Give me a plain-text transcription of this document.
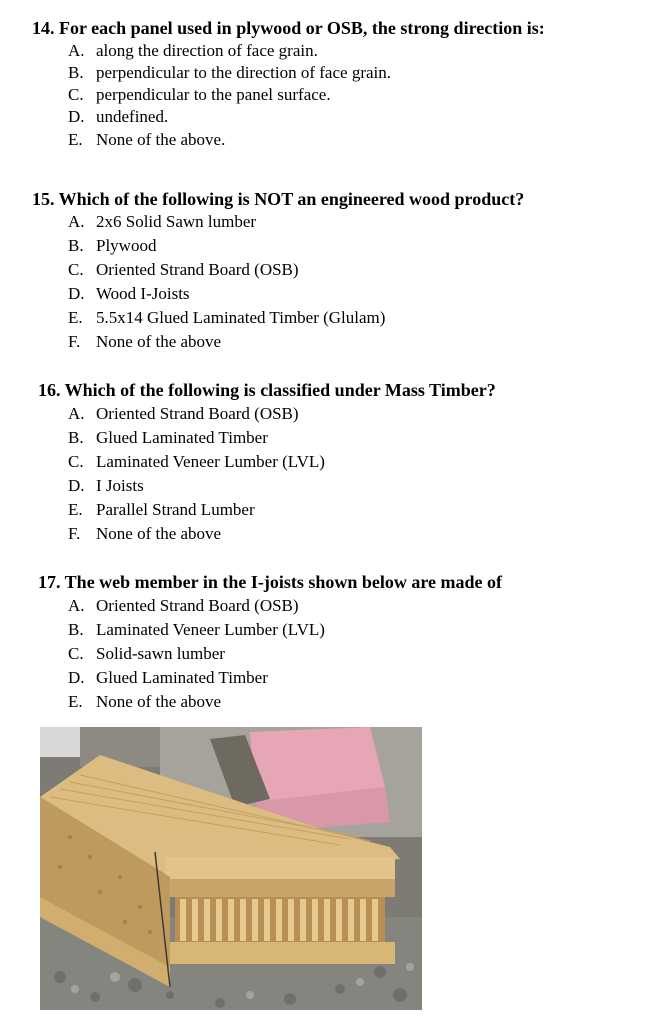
14. For each panel used in plywood or OSB, the strong direction is:
A. along the direction of face grain.
B. perpendicular to the direction of face grain.
C. perpendicular to the panel surface.
D. undefined.
E. None of the above.
15. Which of the following is NOT an engineered wood product?
A. 2x6 Solid Sawn lumber
B. Plywood
C. Oriented Strand Board (OSB)
D. Wood I-Joists
E. 5.5x14 Glued Laminated Timber (Glulam)
F. None of the above
16. Which of the following is classified under Mass Timber?
A. Oriented Strand Board (OSB)
B. Glued Laminated Timber
C. Laminated Veneer Lumber (LVL)
D. I Joists
E. Parallel Strand Lumber
F. None of the above
17. The web member in the I-joists shown below are made of
A. Oriented Strand Board (OSB)
B. Laminated Veneer Lumber (LVL)
C. Solid-sawn lumber
D. Glued Laminated Timber
E. None of the above
